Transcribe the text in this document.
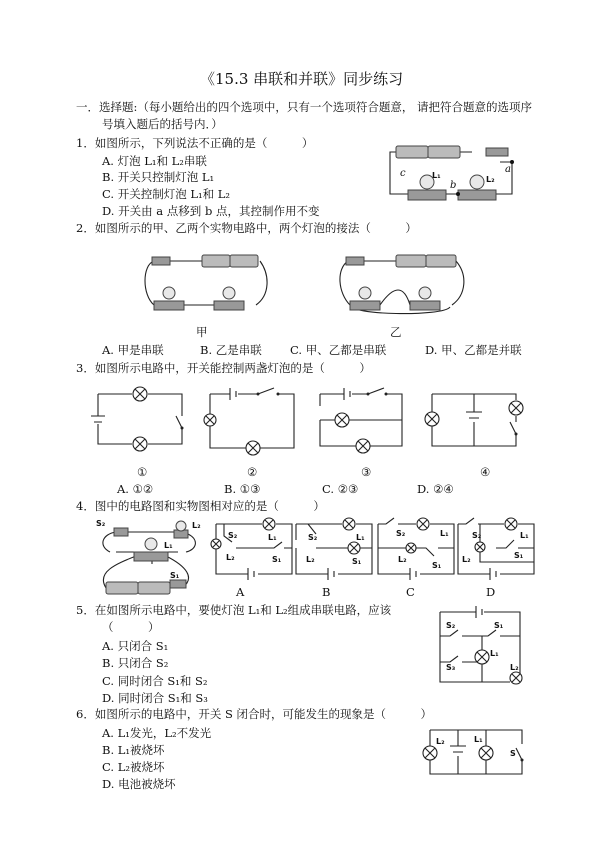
《15.3 串联和并联》同步练习
一．选择题:（每小题给出的四个选项中，只有一个选项符合题意， 请把符合题意的选项序
号填入题后的括号内．）
1．如图所示，下列说法不正确的是（　　　）
A. 灯泡 L₁和 L₂串联
B. 开关只控制灯泡 L₁
C. 开关控制灯泡 L₁和 L₂
D. 开关由 a 点移到 b 点，其控制作用不变
a
c
b
L₁	L₂
2．如图所示的甲、乙两个实物电路中，两个灯泡的接法（　　　）
甲	乙
A. 甲是串联	B. 乙是串联 C. 甲、乙都是串联	D. 甲、乙都是并联
3．如图所示电路中，开关能控制两盏灯泡的是（　　　）
①	②	③	④
A. ①②	B. ①③	C. ②③	D. ②④
4．图中的电路图和实物图相对应的是（　　　）
S₂	L₂
L₁
S₁
S₂	L₁
L₂	S₁
S₂	L₁
L₂	S₁
S₂	L₁
L₂
S₁
S₂	L₁
L₂	S₁
A	B	C	D
5．在如图所示电路中，要使灯泡 L₁和 L₂组成串联电路，应该
（　　　）
A. 只闭合 S₁
B. 只闭合 S₂
C. 同时闭合 S₁和 S₂
D. 同时闭合 S₁和 S₃
S₂	S₁
L₁
S₃	L₂
6．如图所示的电路中，开关 S 闭合时，可能发生的现象是（　　　）
A. L₁发光，L₂不发光
B. L₁被烧坏
C. L₂被烧坏
D. 电池被烧坏
L₂	L₁
S
